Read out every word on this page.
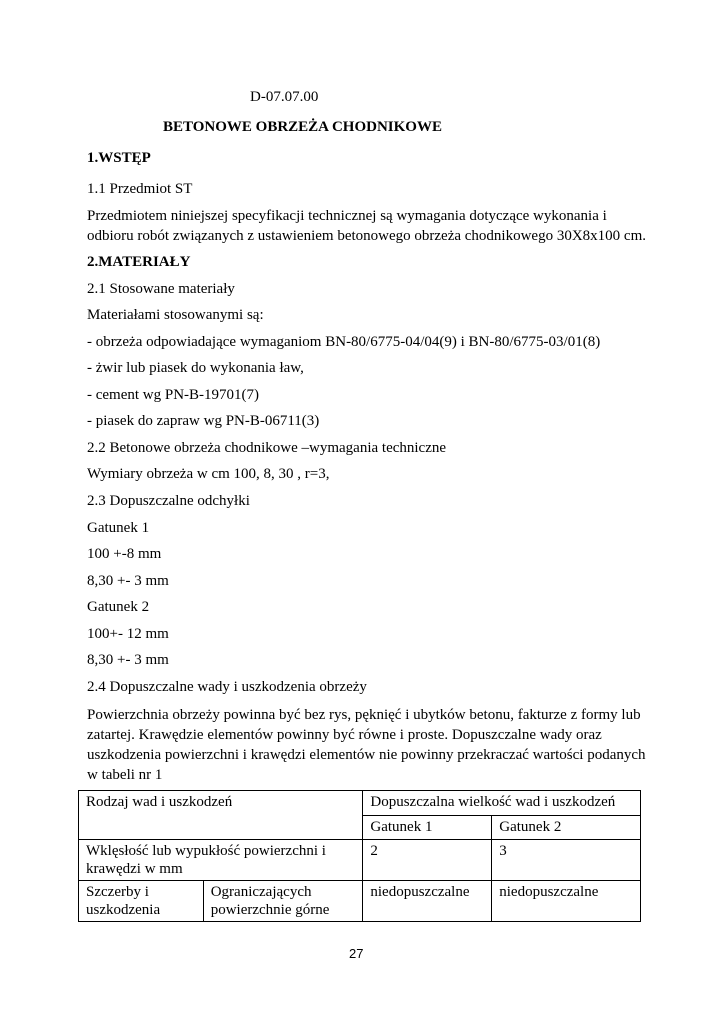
D-07.07.00
BETONOWE OBRZEŻA CHODNIKOWE
1.WSTĘP
1.1 Przedmiot ST
Przedmiotem niniejszej specyfikacji technicznej są wymagania dotyczące wykonania i odbioru robót związanych z ustawieniem betonowego obrzeża chodnikowego 30X8x100 cm.
2.MATERIAŁY
2.1 Stosowane materiały
Materiałami stosowanymi są:
- obrzeża odpowiadające wymaganiom BN-80/6775-04/04(9) i BN-80/6775-03/01(8)
- żwir lub piasek do wykonania ław,
- cement wg PN-B-19701(7)
- piasek do zapraw wg PN-B-06711(3)
2.2 Betonowe obrzeża chodnikowe –wymagania techniczne
Wymiary obrzeża w cm 100, 8, 30 , r=3,
2.3 Dopuszczalne odchyłki
Gatunek 1
100 +-8 mm
8,30 +- 3 mm
Gatunek 2
100+- 12 mm
8,30 +- 3 mm
2.4 Dopuszczalne wady i uszkodzenia obrzeży
Powierzchnia obrzeży powinna być bez rys, pęknięć i ubytków betonu, fakturze z formy lub zatartej. Krawędzie elementów powinny być równe i proste. Dopuszczalne wady oraz uszkodzenia powierzchni i krawędzi elementów nie powinny przekraczać wartości podanych w tabeli nr 1
Rodzaj wad i uszkodzeń		Dopuszczalna wielkość wad i uszkodzeń	
		Gatunek 1	Gatunek 2
Wklęsłość lub wypukłość powierzchni i krawędzi w mm		2	3
Szczerby i uszkodzenia	Ograniczających powierzchnie górne	niedopuszczalne	niedopuszczalne
27
